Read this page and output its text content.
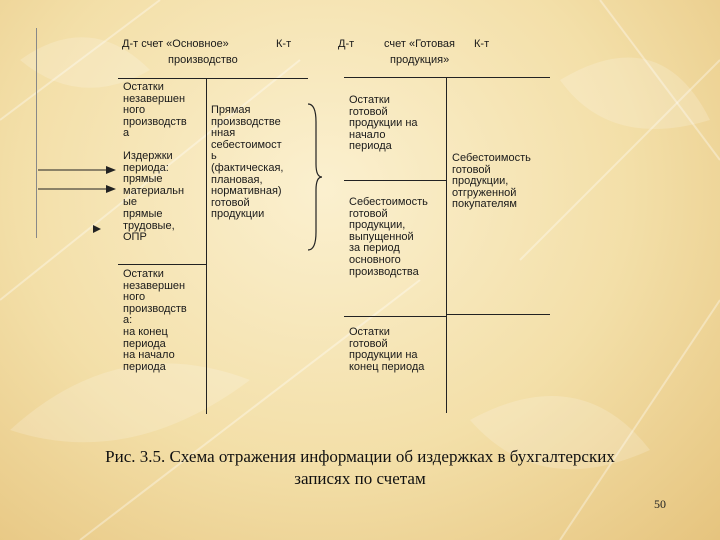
Д-т счет «Основное»	К-т
производство
Остатки
незавершен
ного
производств
а
Издержки
периода:
прямые
материальн
ые
прямые
трудовые,
ОПР
Остатки
незавершен
ного
производств
а:
на конец
периода
на начало
периода
Прямая
производстве
нная
себестоимост
ь
(фактическая,
плановая,
нормативная)
готовой
продукции
Д-т	счет «Готовая К-т
продукция»
Остатки
готовой
продукции на
начало
периода
Себестоимость
готовой
продукции,
выпущенной
за период
основного
производства
Остатки
готовой
продукции на
конец периода
Себестоимость
готовой
продукции,
отгруженной
покупателям
Рис. 3.5. Схема отражения информации об издержках в бухгалтерских
записях по счетам
50
